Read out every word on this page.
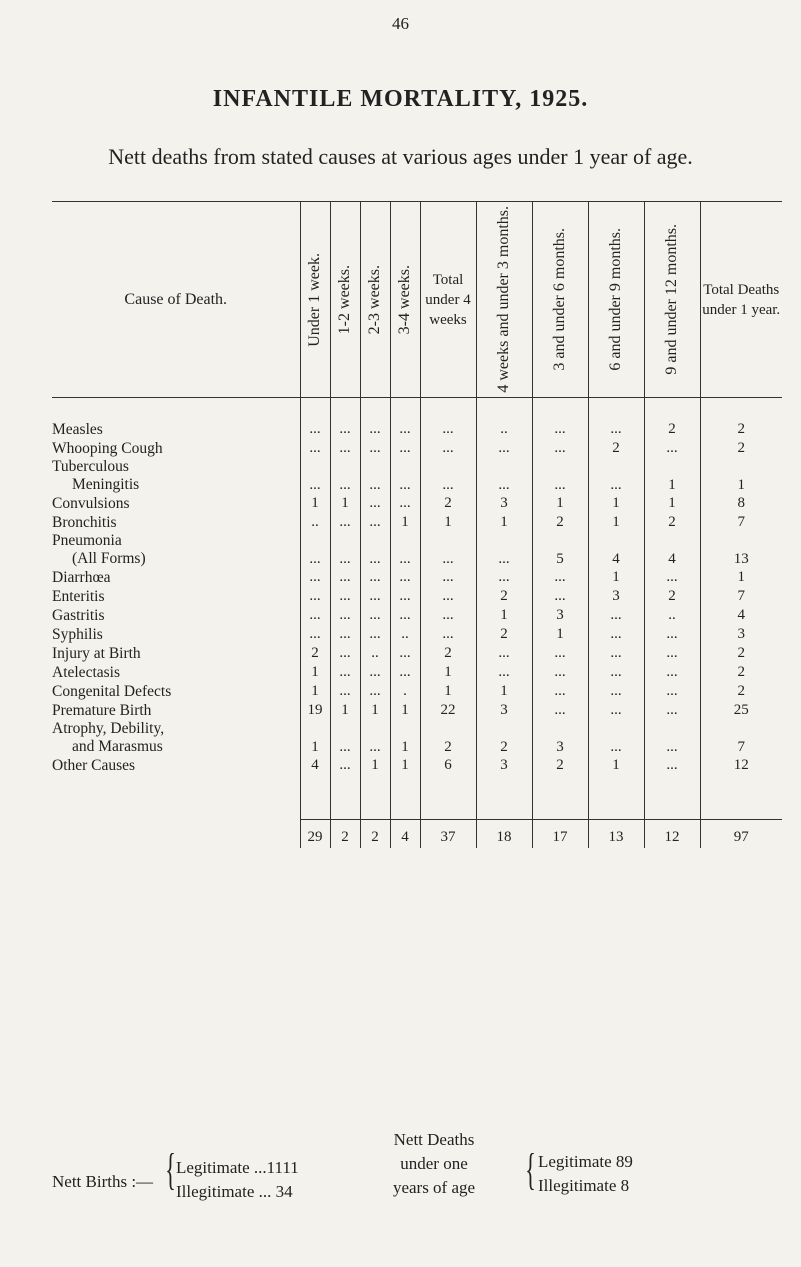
46
INFANTILE MORTALITY, 1925.
Nett deaths from stated causes at various ages under 1 year of age.
Cause of Death.	Under 1 week.	1-2 weeks.	2-3 weeks.	3-4 weeks.	Total under 4 weeks	4 weeks and under 3 months.	3 and under 6 months.	6 and under 9 months.	9 and under 12 months.	Total Deaths under 1 year.

Measles	...	...	...	...	...	..	...	...	2	2

Whooping Cough	...	...	...	...	...	...	...	2	...	2

Tuberculous
Meningitis	...	...	...	...	...	...	...	...	1	1

Convulsions	1	1	...	...	2	3	1	1	1	8

Bronchitis	..	...	...	1	1	1	2	1	2	7

Pneumonia
(All Forms)	...	...	...	...	...	...	5	4	4	13

Diarrhœa	...	...	...	...	...	...	...	1	...	1

Enteritis	...	...	...	...	...	2	...	3	2	7

Gastritis	...	...	...	...	...	1	3	...	..	4

Syphilis	...	...	...	..	...	2	1	...	...	3

Injury at Birth	2	...	..	...	2	...	...	...	...	2

Atelectasis	1	...	...	...	1	...	...	...	...	2

Congenital Defects	1	...	...	.	1	1	...	...	...	2

Premature Birth	19	1	1	1	22	3	...	...	...	25

Atrophy, Debility,
and Marasmus	1	...	...	1	2	2	3	...	...	7

Other Causes	4	...	1	1	6	3	2	1	...	12

	29	2	2	4	37	18	17	13	12	97
Nett Births :— { Legitimate ...1111
Illegitimate ... 34
Nett Deaths
under one
years of age	{ Legitimate 89
Illegitimate 8
